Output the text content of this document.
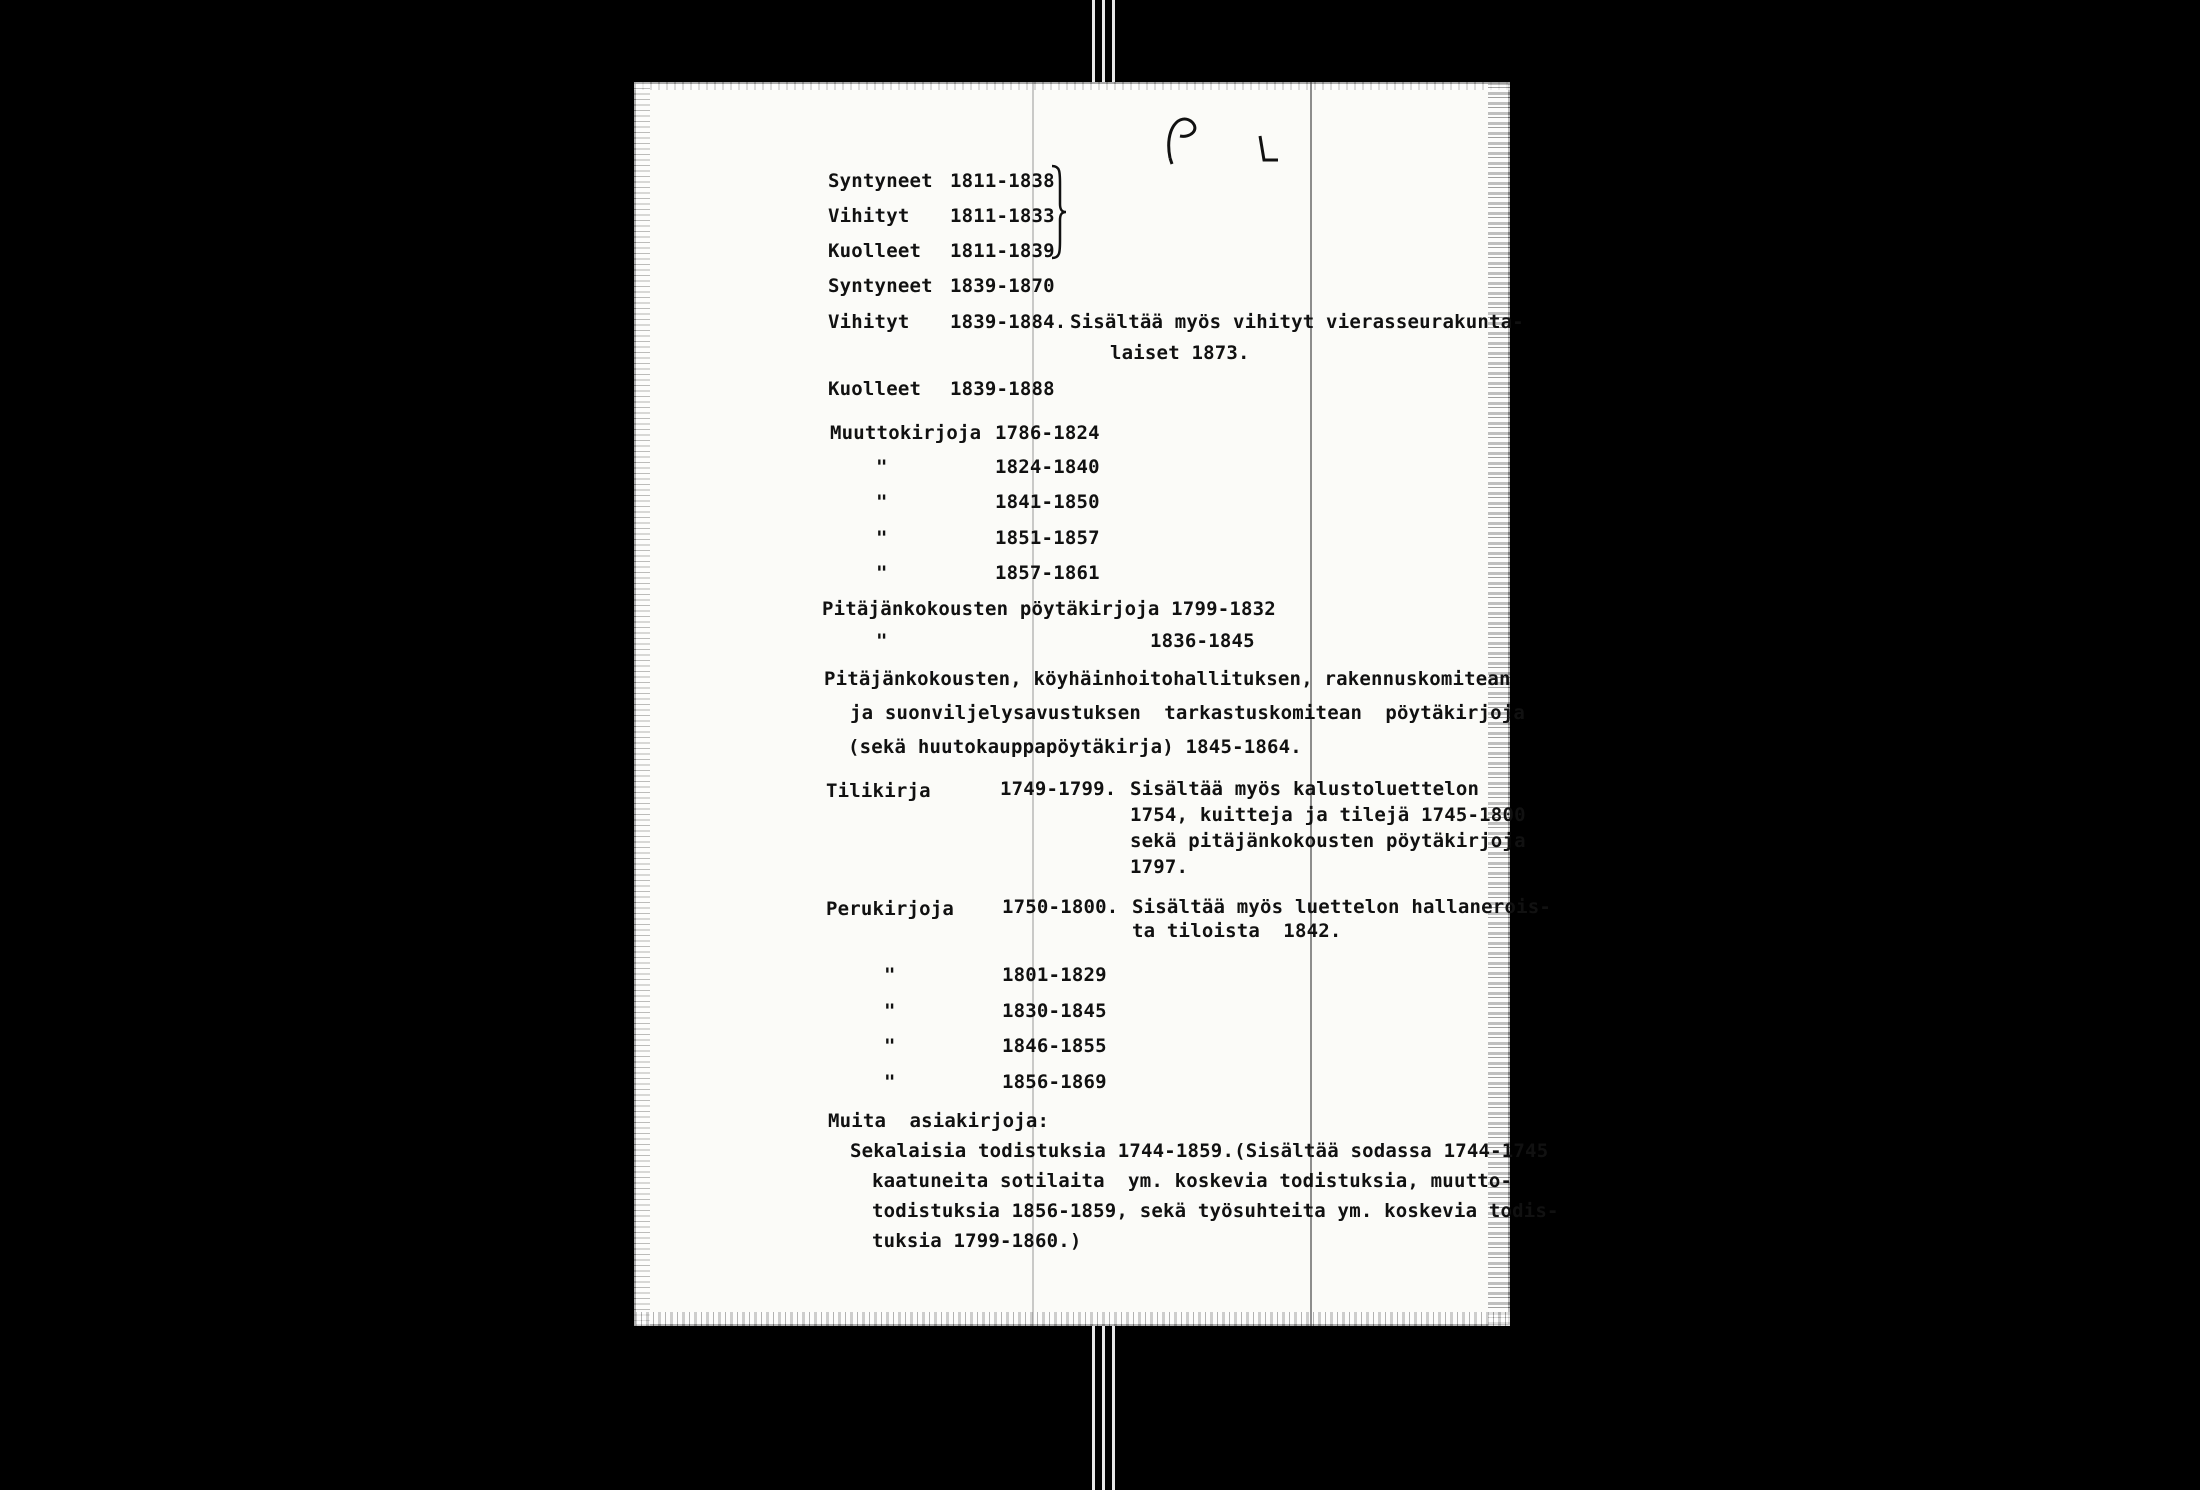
Syntyneet 1811-1838
Vihityt 1811-1833
Kuolleet 1811-1839
Syntyneet 1839-1870
Vihityt 1839-1884. Sisältää myös vihityt vierasseurakunta-
laiset 1873.
Kuolleet 1839-1888
Muuttokirjoja 1786-1824
"	1824-1840
"	1841-1850
"	1851-1857
"	1857-1861
Pitäjänkokousten pöytäkirjoja 1799-1832
"	1836-1845
Pitäjänkokousten, köyhäinhoitohallituksen, rakennuskomitean
ja suonviljelysavustuksen  tarkastuskomitean  pöytäkirjoja
(sekä huutokauppapöytäkirja) 1845-1864.
Tilikirja	1749-1799. Sisältää myös kalustoluettelon
1754, kuitteja ja tilejä 1745-1800
sekä pitäjänkokousten pöytäkirjoja
1797.
Perukirjoja	1750-1800. Sisältää myös luettelon hallanerois-
ta tiloista  1842.
"	1801-1829
"	1830-1845
"	1846-1855
"	1856-1869
Muita  asiakirjoja:
Sekalaisia todistuksia 1744-1859.(Sisältää sodassa 1744-1745
kaatuneita sotilaita  ym. koskevia todistuksia, muutto-
todistuksia 1856-1859, sekä työsuhteita ym. koskevia todis-
tuksia 1799-1860.)
